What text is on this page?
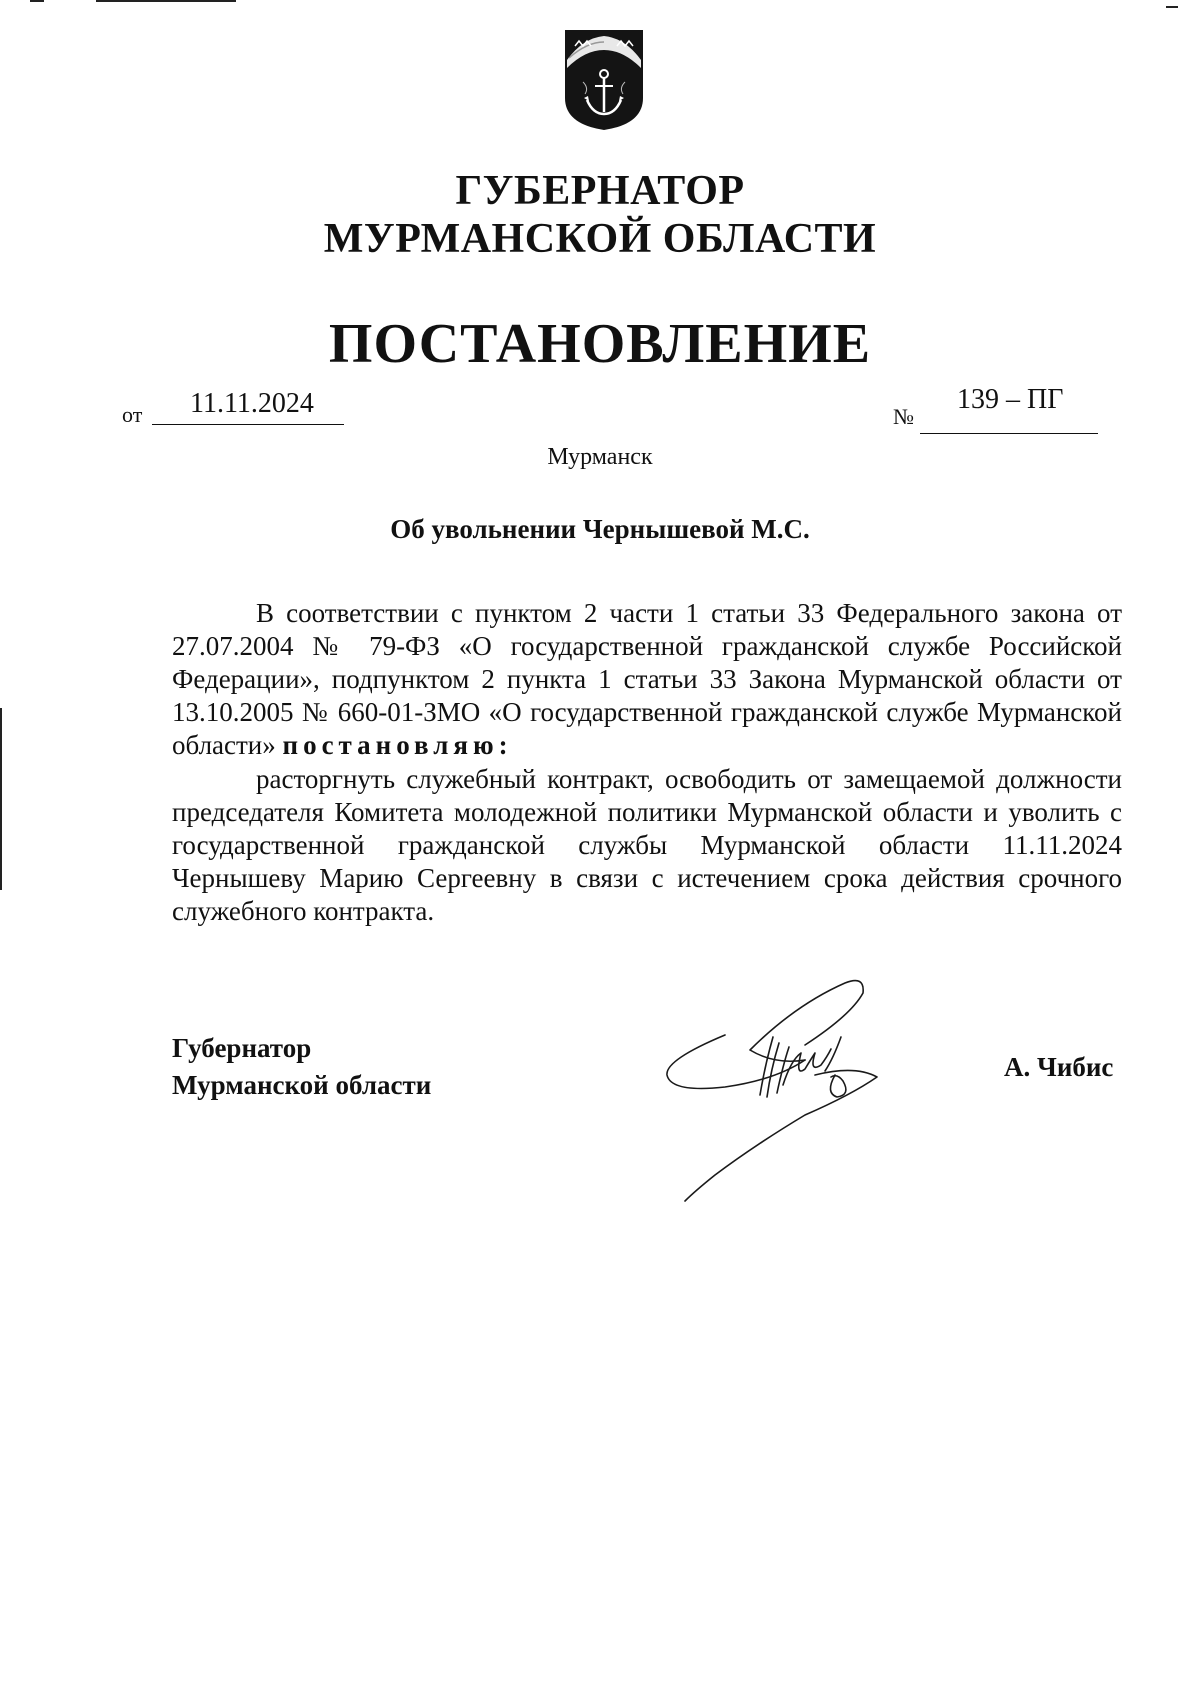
ГУБЕРНАТОР
МУРМАНСКОЙ ОБЛАСТИ
ПОСТАНОВЛЕНИЕ
от 11.11.2024	№
139 – ПГ
Мурманск
Об увольнении Чернышевой М.С.
В соответствии с пунктом 2 части 1 статьи 33 Федерального закона от 27.07.2004 № 79-ФЗ «О государственной гражданской службе Российской Федерации», подпунктом 2 пункта 1 статьи 33 Закона Мурманской области от 13.10.2005 № 660-01-ЗМО «О государственной гражданской службе Мурманской области» постановляю:
расторгнуть служебный контракт, освободить от замещаемой должности председателя Комитета молодежной политики Мурманской области и уволить с государственной гражданской службы Мурманской области 11.11.2024 Чернышеву Марию Сергеевну в связи с истечением срока действия срочного служебного контракта.
Губернатор
Мурманской области
А. Чибис
